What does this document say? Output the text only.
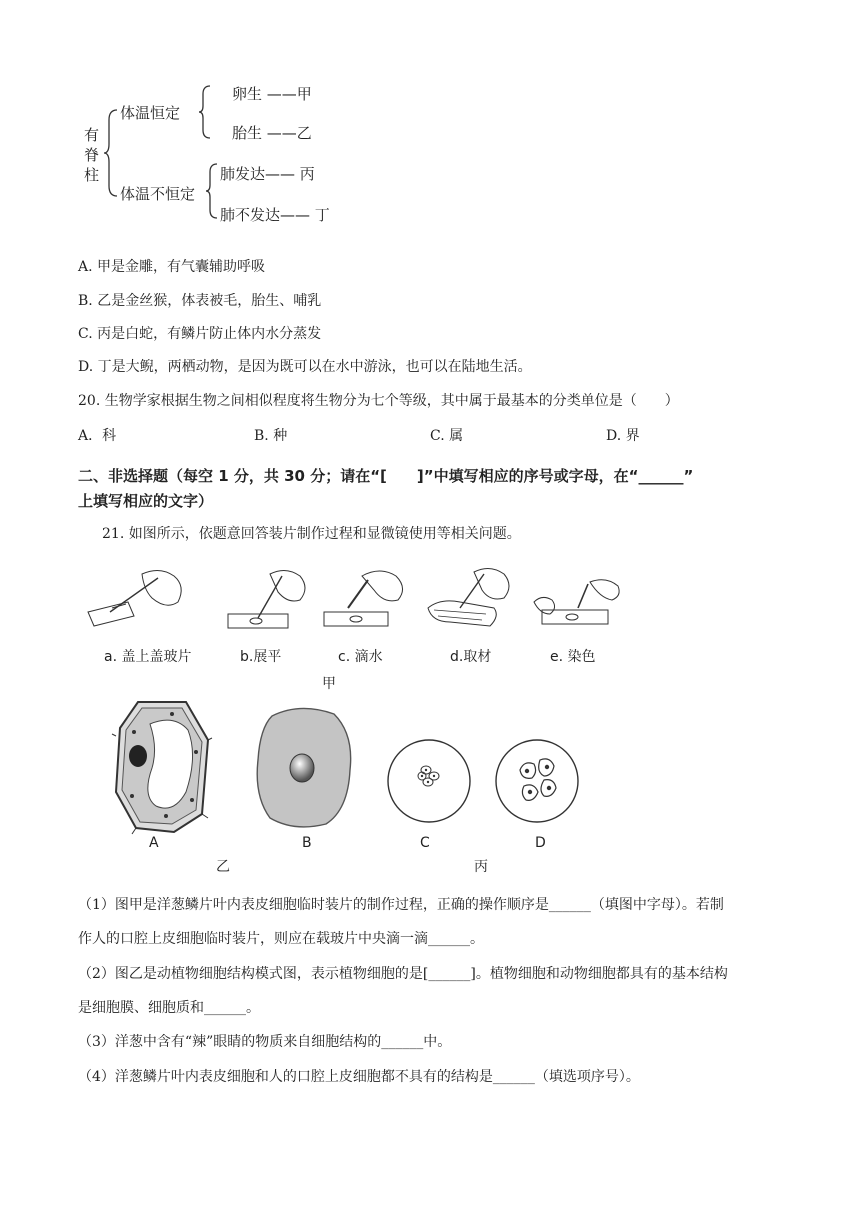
有脊柱
体温恒定
体温不恒定
卵生 ——甲
胎生 ——乙
肺发达—— 丙
肺不发达—— 丁
A. 甲是金雕，有气囊辅助呼吸
B. 乙是金丝猴，体表被毛，胎生、哺乳
C. 丙是白蛇，有鳞片防止体内水分蒸发
D. 丁是大鲵，两栖动物，是因为既可以在水中游泳，也可以在陆地生活。
20. 生物学家根据生物之间相似程度将生物分为七个等级，其中属于最基本的分类单位是（　　）
A．科	B. 种	C. 属	D. 界
二、非选择题（每空 1 分，共 30 分；请在“[　　]”中填写相应的序号或字母，在“______”
上填写相应的文字）
21. 如图所示，依题意回答装片制作过程和显微镜使用等相关问题。
a. 盖上盖玻片	b.展平	c. 滴水	d.取材	e. 染色
甲
A	B
乙
C	D
丙
（1）图甲是洋葱鳞片叶内表皮细胞临时装片的制作过程，正确的操作顺序是______（填图中字母）。若制
作人的口腔上皮细胞临时装片，则应在载玻片中央滴一滴______。
（2）图乙是动植物细胞结构模式图，表示植物细胞的是[______]。植物细胞和动物细胞都具有的基本结构
是细胞膜、细胞质和______。
（3）洋葱中含有“辣”眼睛的物质来自细胞结构的______中。
（4）洋葱鳞片叶内表皮细胞和人的口腔上皮细胞都不具有的结构是______（填选项序号）。
